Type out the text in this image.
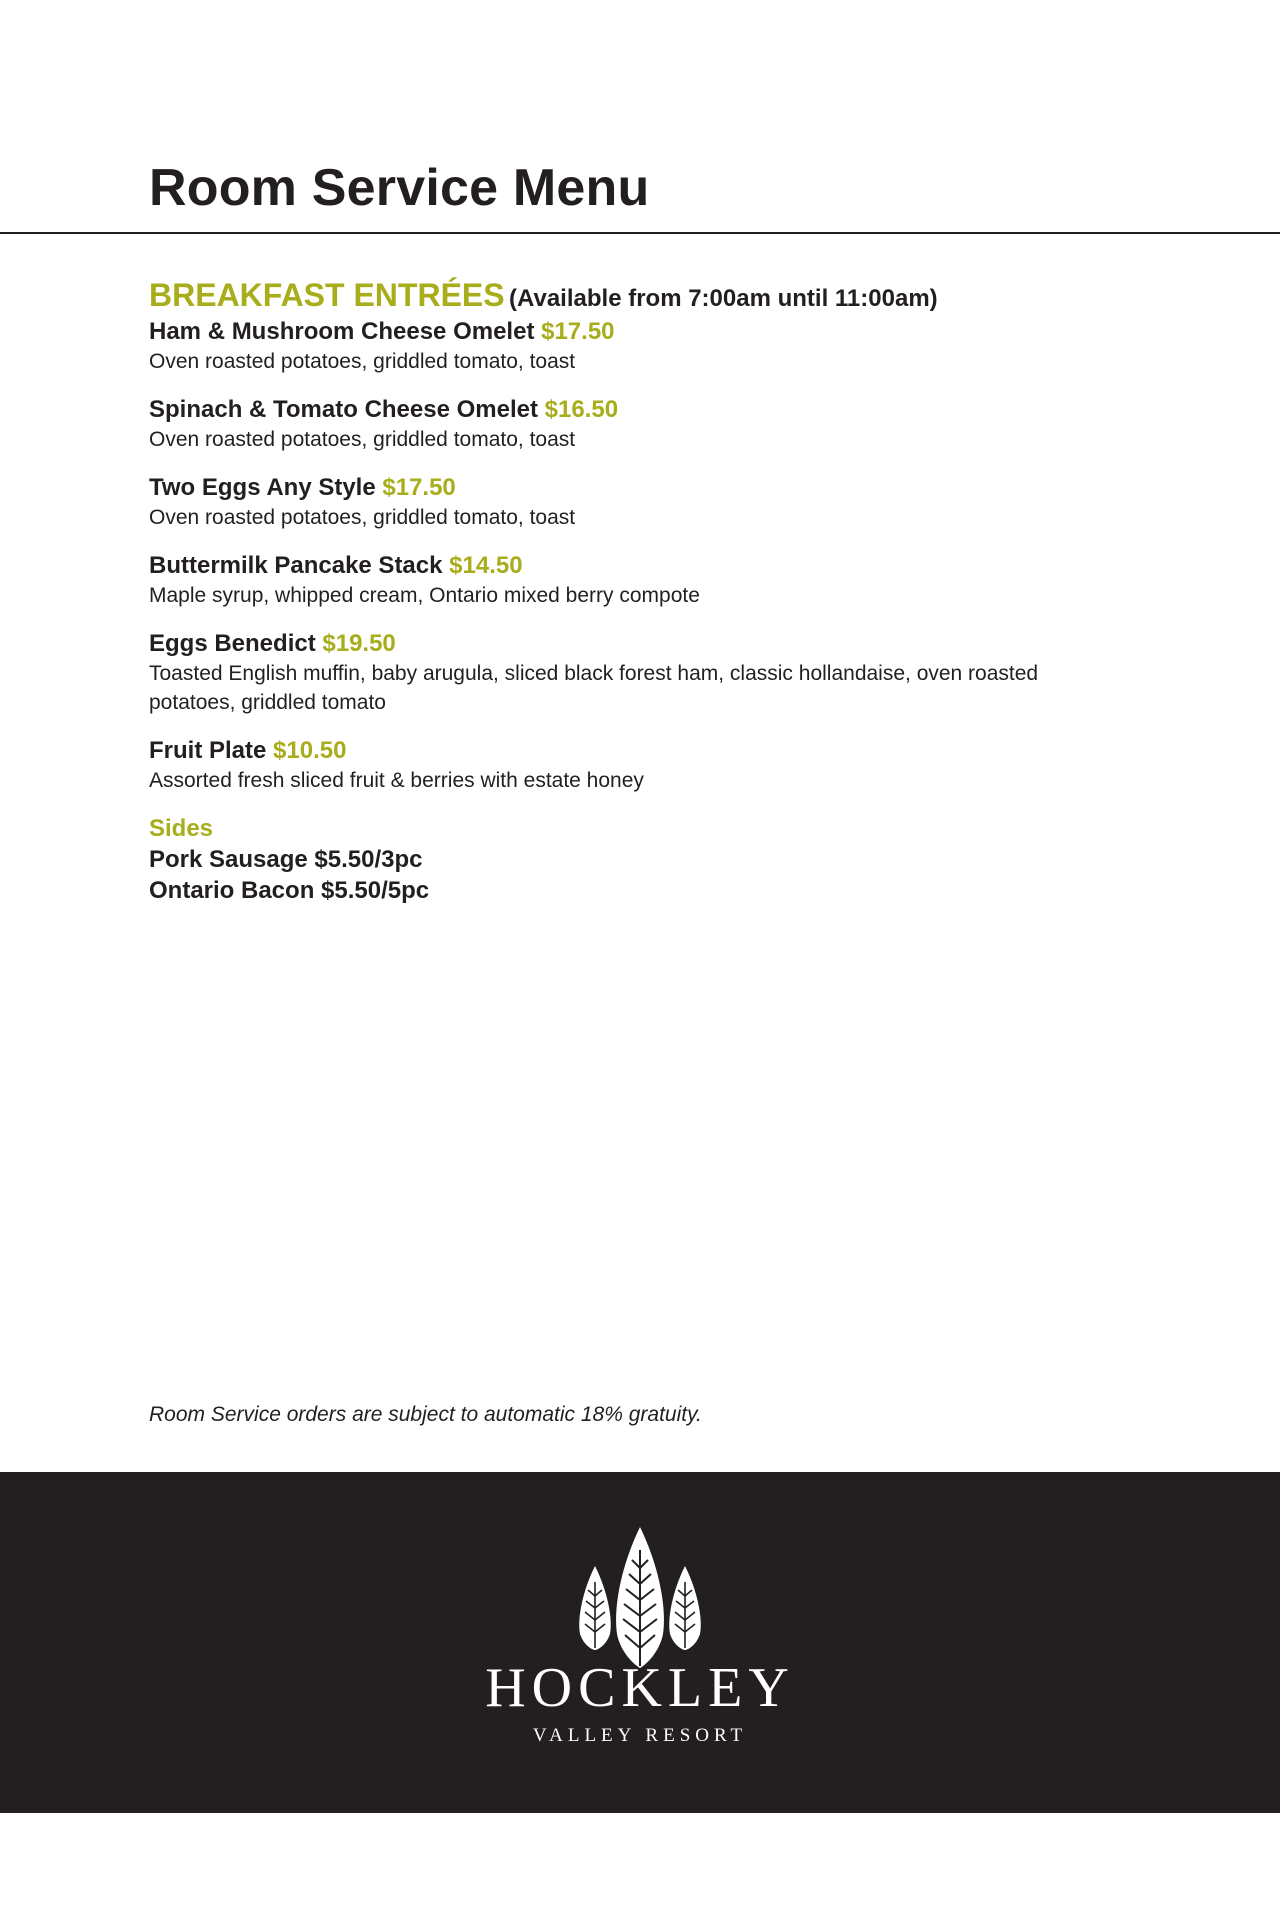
Room Service Menu

BREAKFAST ENTRÉES (Available from 7:00am until 11:00am)

Ham & Mushroom Cheese Omelet $17.50
Oven roasted potatoes, griddled tomato, toast
Spinach & Tomato Cheese Omelet $16.50
Oven roasted potatoes, griddled tomato, toast
Two Eggs Any Style $17.50
Oven roasted potatoes, griddled tomato, toast
Buttermilk Pancake Stack $14.50
Maple syrup, whipped cream, Ontario mixed berry compote
Eggs Benedict $19.50
Toasted English muffin, baby arugula, sliced black forest ham, classic hollandaise, oven roasted potatoes, griddled tomato
Fruit Plate $10.50
Assorted fresh sliced fruit & berries with estate honey
Sides
Pork Sausage $5.50/3pc
Ontario Bacon $5.50/5pc
Room Service orders are subject to automatic 18% gratuity.
HOCKLEY
VALLEY RESORT
